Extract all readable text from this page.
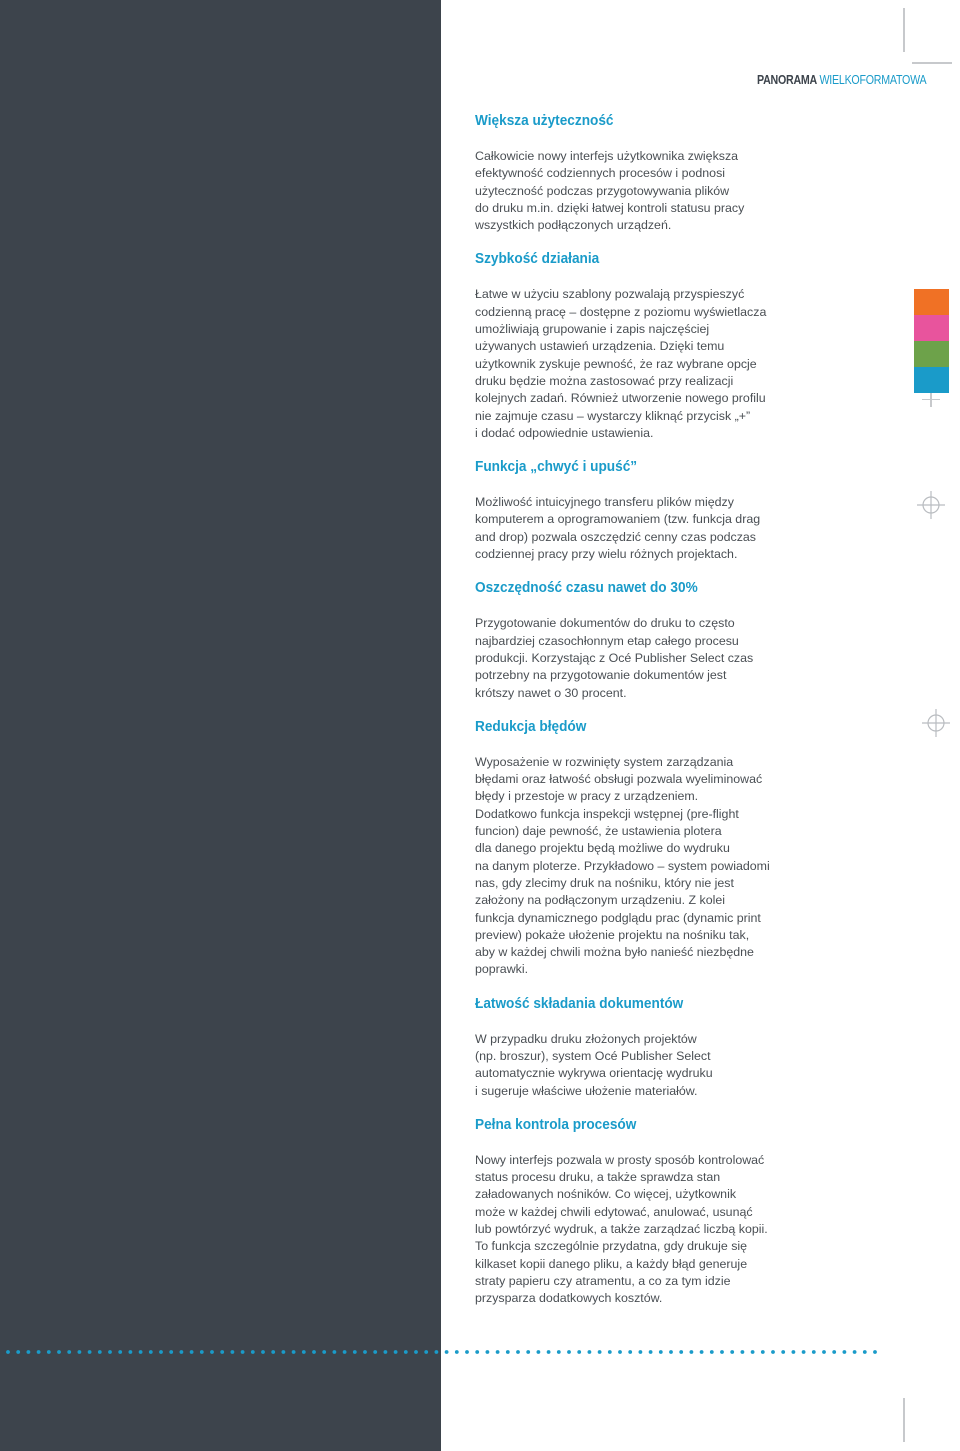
PANORAMA WIELKOFORMATOWA
Większa użyteczność

Całkowicie nowy interfejs użytkownika zwiększa
efektywność codziennych procesów i podnosi
użyteczność podczas przygotowywania plików
do druku m.in. dzięki łatwej kontroli statusu pracy
wszystkich podłączonych urządzeń.

Szybkość działania

Łatwe w użyciu szablony pozwalają przyspieszyć
codzienną pracę – dostępne z poziomu wyświetlacza
umożliwiają grupowanie i zapis najczęściej
używanych ustawień urządzenia. Dzięki temu
użytkownik zyskuje pewność, że raz wybrane opcje
druku będzie można zastosować przy realizacji
kolejnych zadań. Również utworzenie nowego profilu
nie zajmuje czasu – wystarczy kliknąć przycisk „+”
i dodać odpowiednie ustawienia.

Funkcja „chwyć i upuść”

Możliwość intuicyjnego transferu plików między
komputerem a oprogramowaniem (tzw. funkcja drag
and drop) pozwala oszczędzić cenny czas podczas
codziennej pracy przy wielu różnych projektach.

Oszczędność czasu nawet do 30%

Przygotowanie dokumentów do druku to często
najbardziej czasochłonnym etap całego procesu
produkcji. Korzystając z Océ Publisher Select czas
potrzebny na przygotowanie dokumentów jest
krótszy nawet o 30 procent.

Redukcja błędów

Wyposażenie w rozwinięty system zarządzania
błędami oraz łatwość obsługi pozwala wyeliminować
błędy i przestoje w pracy z urządzeniem.
Dodatkowo funkcja inspekcji wstępnej (pre-flight
funcion) daje pewność, że ustawienia plotera
dla danego projektu będą możliwe do wydruku
na danym ploterze. Przykładowo – system powiadomi
nas, gdy zlecimy druk na nośniku, który nie jest
założony na podłączonym urządzeniu. Z kolei
funkcja dynamicznego podglądu prac (dynamic print
preview) pokaże ułożenie projektu na nośniku tak,
aby w każdej chwili można było nanieść niezbędne
poprawki.

Łatwość składania dokumentów

W przypadku druku złożonych projektów
(np. broszur), system Océ Publisher Select
automatycznie wykrywa orientację wydruku
i sugeruje właściwe ułożenie materiałów.

Pełna kontrola procesów

Nowy interfejs pozwala w prosty sposób kontrolować
status procesu druku, a także sprawdza stan
załadowanych nośników. Co więcej, użytkownik
może w każdej chwili edytować, anulować, usunąć
lub powtórzyć wydruk, a także zarządzać liczbą kopii.
To funkcja szczególnie przydatna, gdy drukuje się
kilkaset kopii danego pliku, a każdy błąd generuje
straty papieru czy atramentu, a co za tym idzie
przysparza dodatkowych kosztów.
